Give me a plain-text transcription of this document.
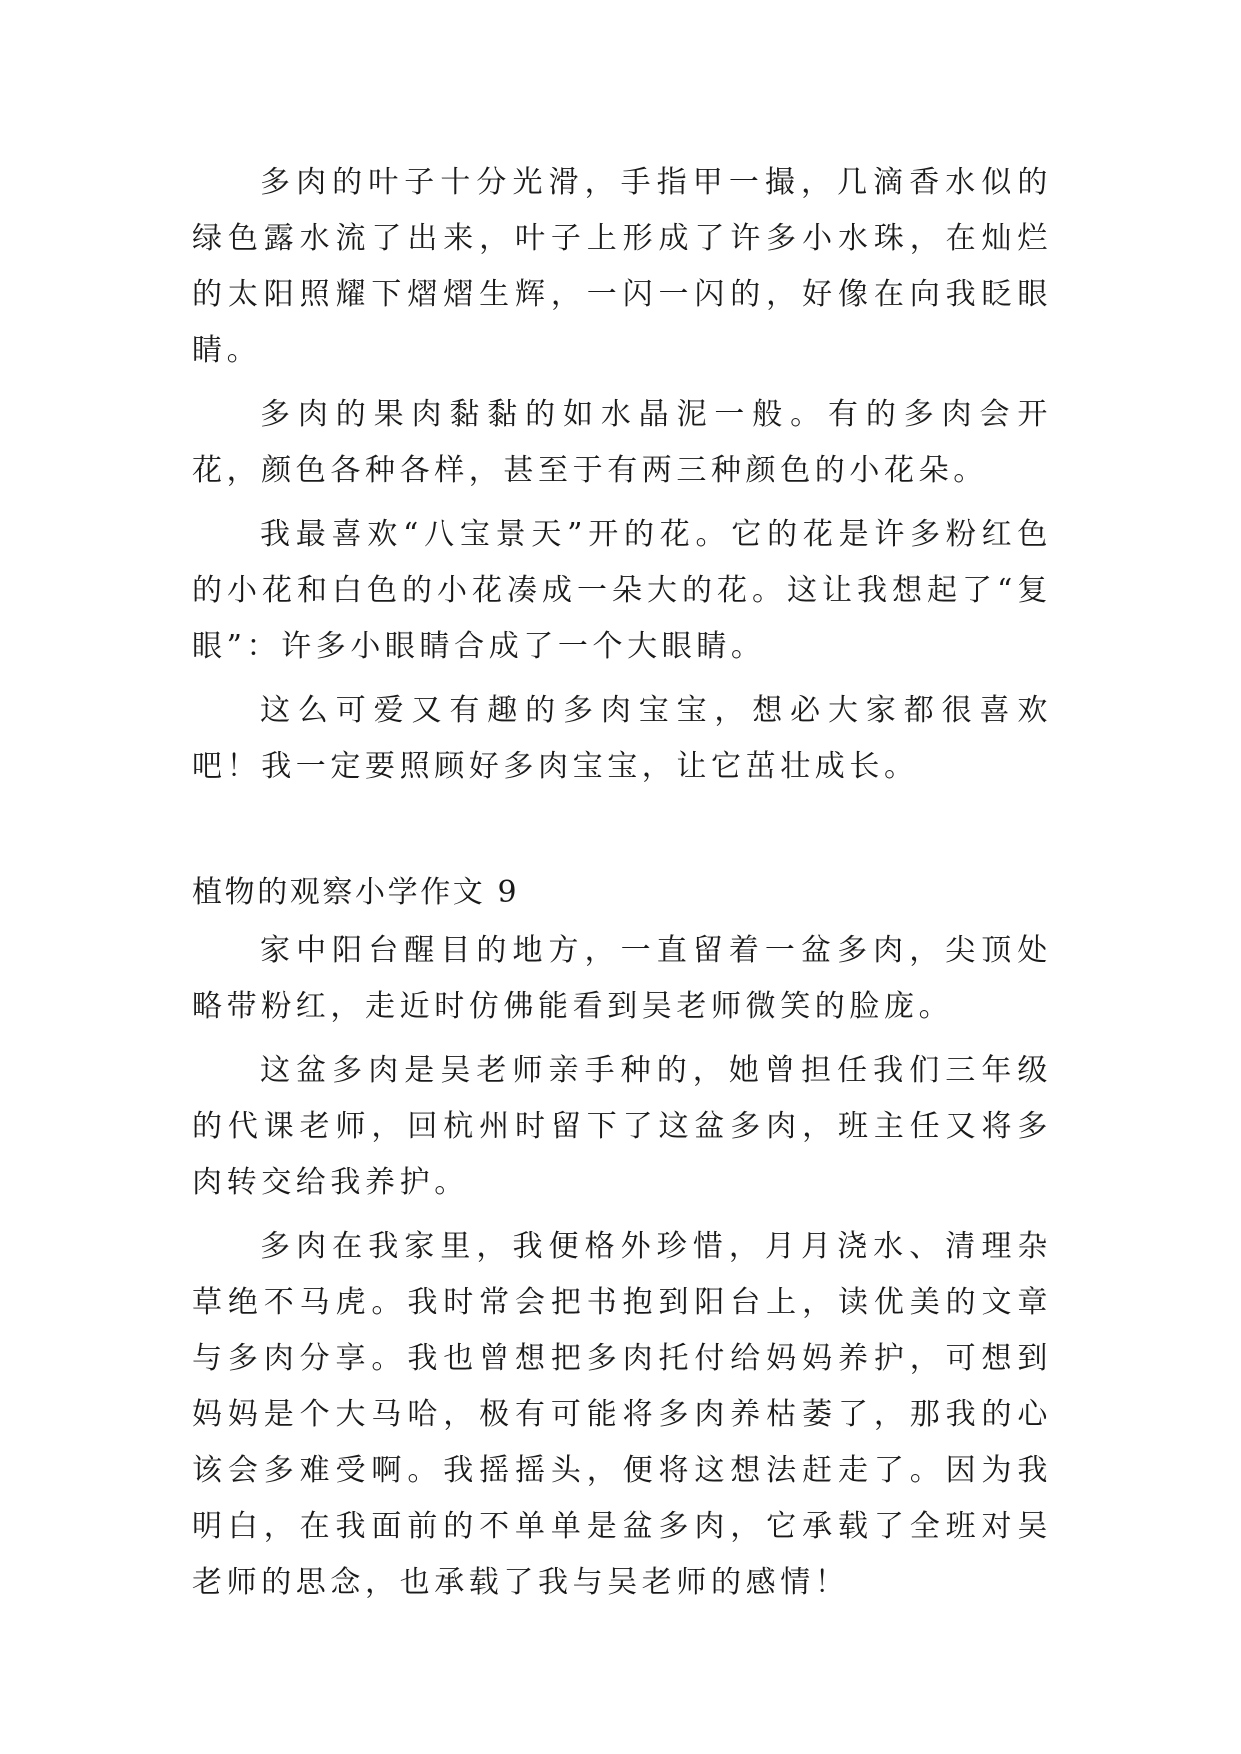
多肉的叶子十分光滑，手指甲一撮，几滴香水似的绿色露水流了出来，叶子上形成了许多小水珠，在灿烂的太阳照耀下熠熠生辉，一闪一闪的，好像在向我眨眼睛。

多肉的果肉黏黏的如水晶泥一般。有的多肉会开花，颜色各种各样，甚至于有两三种颜色的小花朵。

我最喜欢“八宝景天”开的花。它的花是许多粉红色的小花和白色的小花凑成一朵大的花。这让我想起了“复眼”：许多小眼睛合成了一个大眼睛。

这么可爱又有趣的多肉宝宝，想必大家都很喜欢吧！我一定要照顾好多肉宝宝，让它茁壮成长。

植物的观察小学作文 9

家中阳台醒目的地方，一直留着一盆多肉，尖顶处略带粉红，走近时仿佛能看到吴老师微笑的脸庞。

这盆多肉是吴老师亲手种的，她曾担任我们三年级的代课老师，回杭州时留下了这盆多肉，班主任又将多肉转交给我养护。

多肉在我家里，我便格外珍惜，月月浇水、清理杂草绝不马虎。我时常会把书抱到阳台上，读优美的文章与多肉分享。我也曾想把多肉托付给妈妈养护，可想到妈妈是个大马哈，极有可能将多肉养枯萎了，那我的心该会多难受啊。我摇摇头，便将这想法赶走了。因为我明白，在我面前的不单单是盆多肉，它承载了全班对吴老师的思念，也承载了我与吴老师的感情！
